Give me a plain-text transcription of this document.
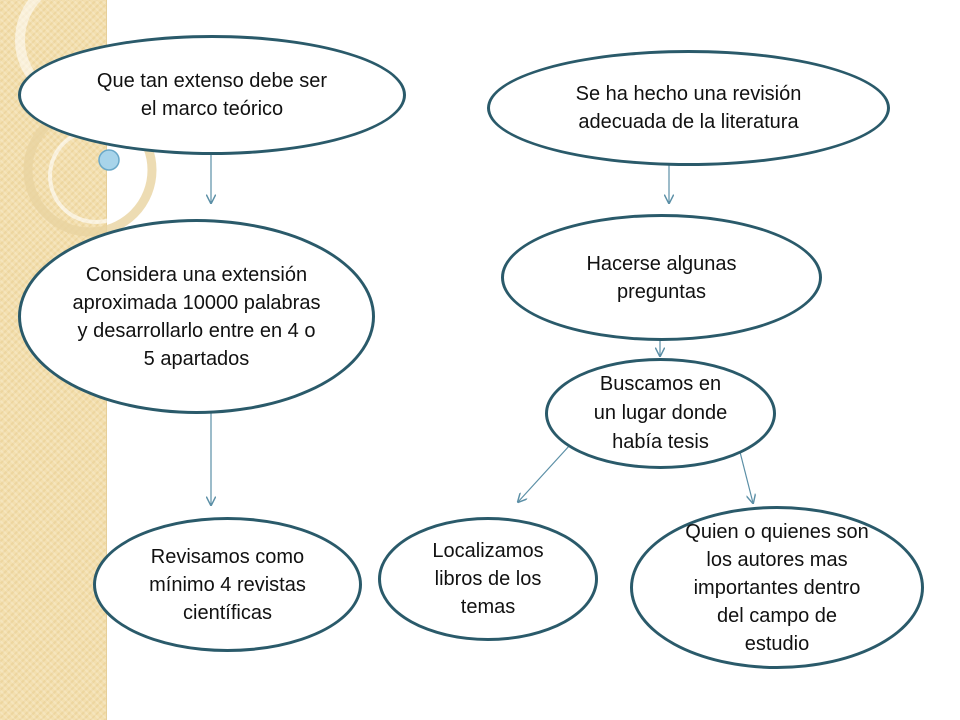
Que tan extenso debe ser el marco teórico
Se ha hecho una revisión adecuada de la literatura
Considera una extensión aproximada 10000 palabras y desarrollarlo entre en 4 o 5 apartados
Hacerse algunas preguntas
Buscamos en un lugar donde había tesis
Revisamos como mínimo 4 revistas científicas
Localizamos libros de los temas
Quien o quienes son los autores mas importantes dentro del campo de estudio
